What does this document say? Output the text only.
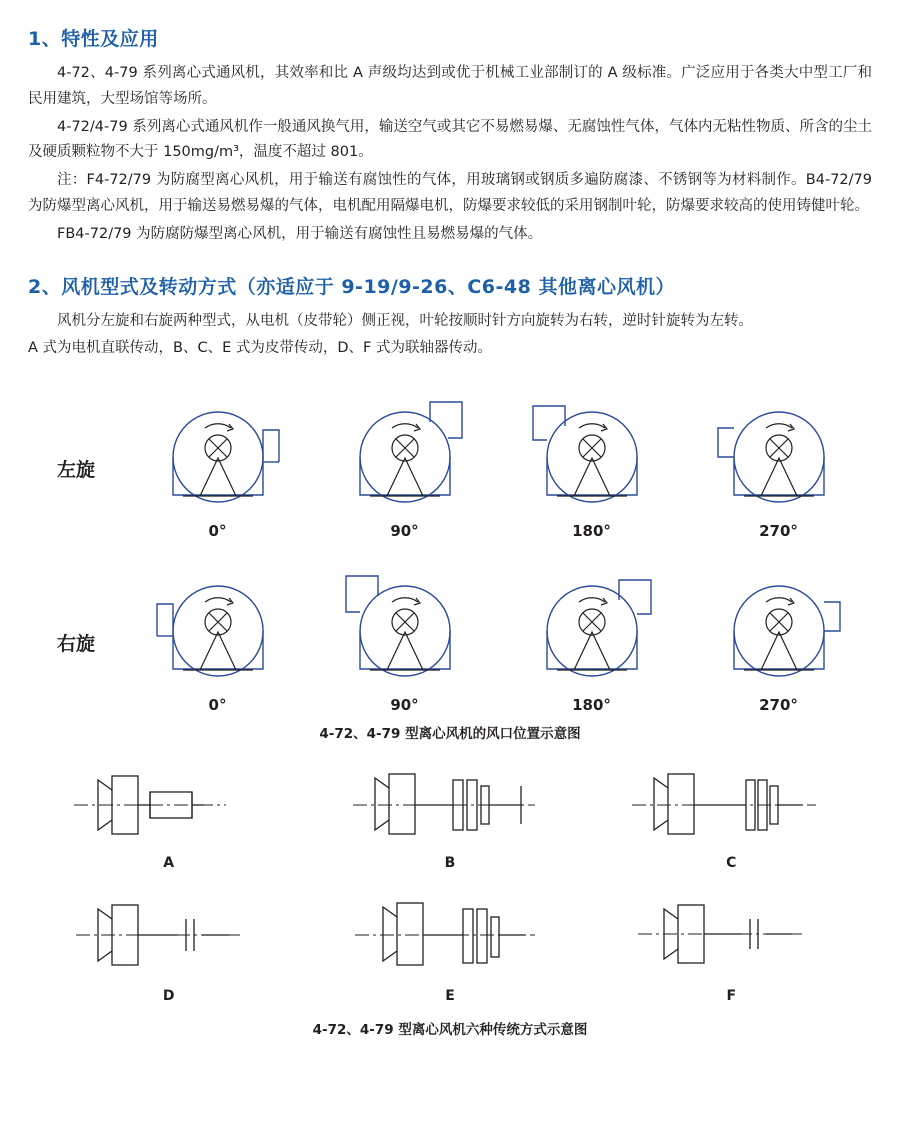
1、特性及应用

4-72、4-79 系列离心式通风机，其效率和比 A 声级均达到或优于机械工业部制订的 A 级标准。广泛应用于各类大中型工厂和民用建筑，大型场馆等场所。

4-72/4-79 系列离心式通风机作一般通风换气用，输送空气或其它不易燃易爆、无腐蚀性气体，气体内无粘性物质、所含的尘土及硬质颗粒物不大于 150mg/m³，温度不超过 801。

注：F4-72/79 为防腐型离心风机，用于输送有腐蚀性的气体，用玻璃钢或钢质多遍防腐漆、不锈钢等为材料制作。B4-72/79 为防爆型离心风机，用于输送易燃易爆的气体，电机配用隔爆电机，防爆要求较低的采用钢制叶轮，防爆要求较高的使用铸健叶轮。

FB4-72/79 为防腐防爆型离心风机，用于输送有腐蚀性且易燃易爆的气体。

2、风机型式及转动方式（亦适应于 9-19/9-26、C6-48 其他离心风机）

风机分左旋和右旋两种型式，从电机（皮带轮）侧正视，叶轮按顺时针方向旋转为右转，逆时针旋转为左转。

A 式为电机直联传动，B、C、E 式为皮带传动，D、F 式为联轴器传动。

左旋
0°	90°	180°	270°
右旋
0°	90°	180°	270°
4-72、4-79 型离心风机的风口位置示意图
A	B	C
D	E	F
4-72、4-79 型离心风机六种传统方式示意图
